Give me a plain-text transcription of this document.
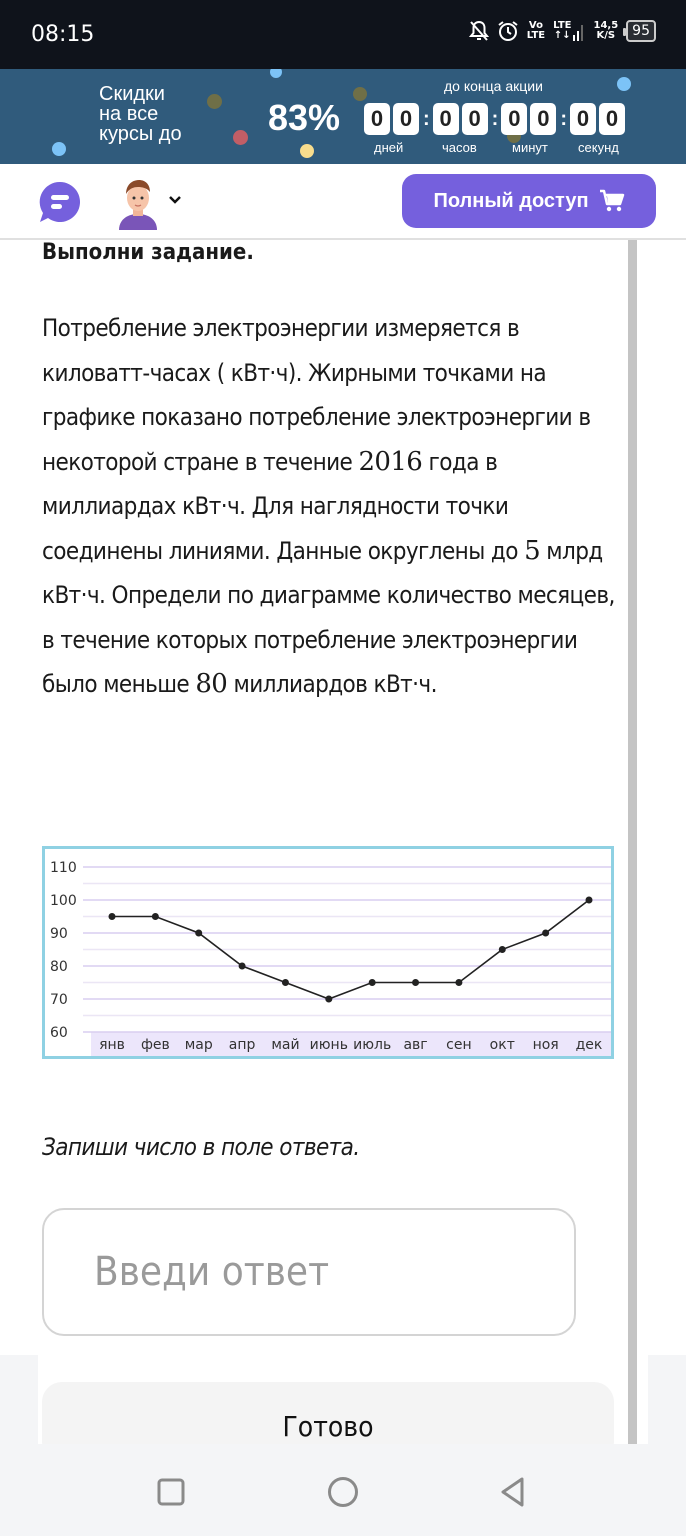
08:15	Vo
LTE
LTE
↑↓
14,5
K/S	95
Скидки
на все
курсы до 83%
до конца акции
0 0 : 0 0 : 0 0 : 0 0
дней	часов	минут секунд
Полный доступ
Выполни задание.
Потребление электроэнергии измеряется в киловатт-часах ( кВт·ч). Жирными точками на графике показано потребление электроэнергии в некоторой стране в течение 2016 года в миллиардах кВт·ч. Для наглядности точки соединены линиями. Данные округлены до 5 млрд кВт·ч. Определи по диаграмме количество месяцев, в течение которых потребление электроэнергии было меньше 80 миллиардов кВт·ч.
60
70
80
90
100
110
янв фев мар апр май июнь июль авг сен окт ноя дек
Запиши число в поле ответа.
Введи ответ
Готово
